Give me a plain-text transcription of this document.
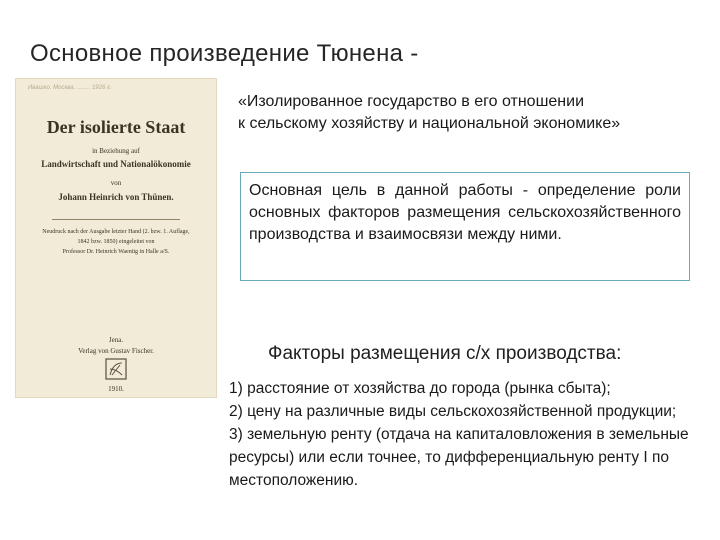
Основное произведение Тюнена -
Ивашко. Москва. ........ 1926 г.
Der isolierte Staat
in Beziehung auf
Landwirtschaft und Nationalökonomie
von
Johann Heinrich von Thünen.
Neudruck nach der Ausgabe letzter Hand (2. bzw. 1. Auflage,
1842 bzw. 1850) eingeleitet von
Professor Dr. Heinrich Waentig in Halle a/S.
Jena.
Verlag von Gustav Fischer.
1910.
«Изолированное государство в его отношении
к сельскому хозяйству и национальной экономике»
Основная цель в данной работы - определение роли основных факторов размещения сельскохозяйственного производства и взаимосвязи между ними.
Факторы размещения с/х производства:
1) расстояние от хозяйства до города (рынка сбыта);
2) цену на различные виды сельскохозяйственной продукции;
3) земельную ренту (отдача на капиталовложения в земельные ресурсы) или если точнее, то дифференциальную ренту I по местоположению.
